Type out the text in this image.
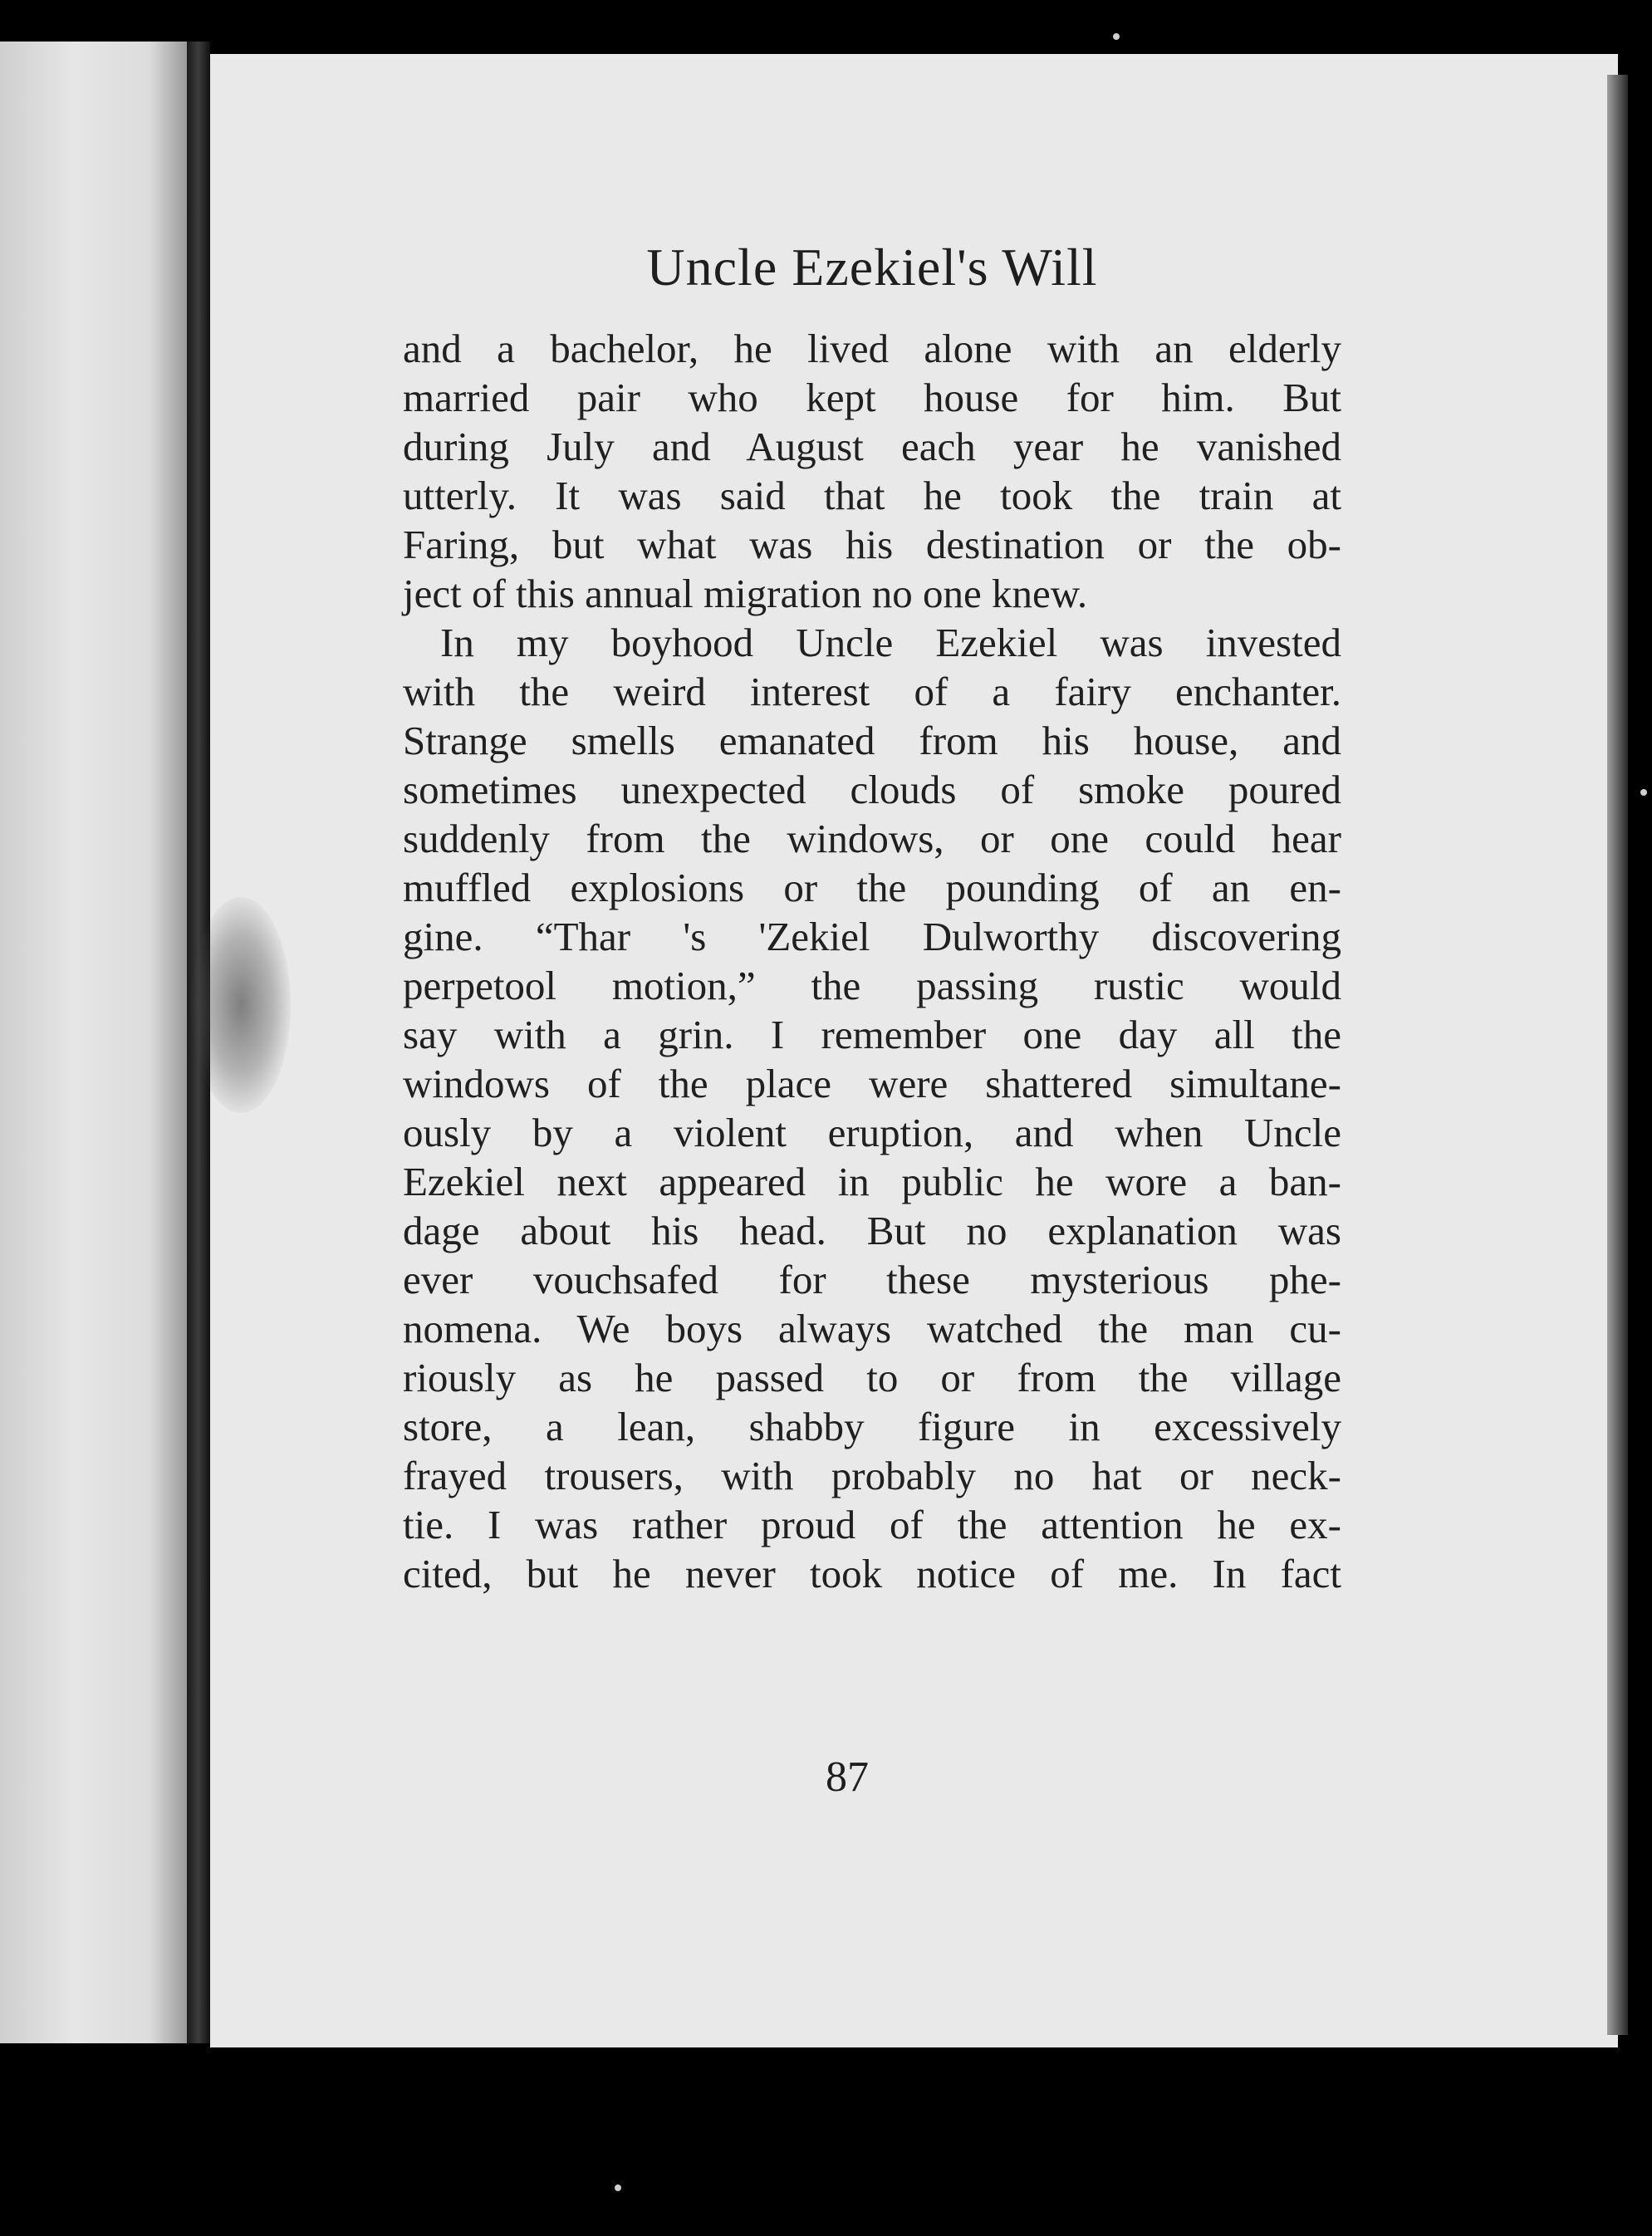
Uncle Ezekiel's Will
and a bachelor, he lived alone with an elderly
married pair who kept house for him. But
during July and August each year he vanished
utterly. It was said that he took the train at
Faring, but what was his destination or the ob-
ject of this annual migration no one knew.
In my boyhood Uncle Ezekiel was invested
with the weird interest of a fairy enchanter.
Strange smells emanated from his house, and
sometimes unexpected clouds of smoke poured
suddenly from the windows, or one could hear
muffled explosions or the pounding of an en-
gine. “Thar 's 'Zekiel Dulworthy discovering
perpetool motion,” the passing rustic would
say with a grin. I remember one day all the
windows of the place were shattered simultane-
ously by a violent eruption, and when Uncle
Ezekiel next appeared in public he wore a ban-
dage about his head. But no explanation was
ever vouchsafed for these mysterious phe-
nomena. We boys always watched the man cu-
riously as he passed to or from the village
store, a lean, shabby figure in excessively
frayed trousers, with probably no hat or neck-
tie. I was rather proud of the attention he ex-
cited, but he never took notice of me. In fact
87
